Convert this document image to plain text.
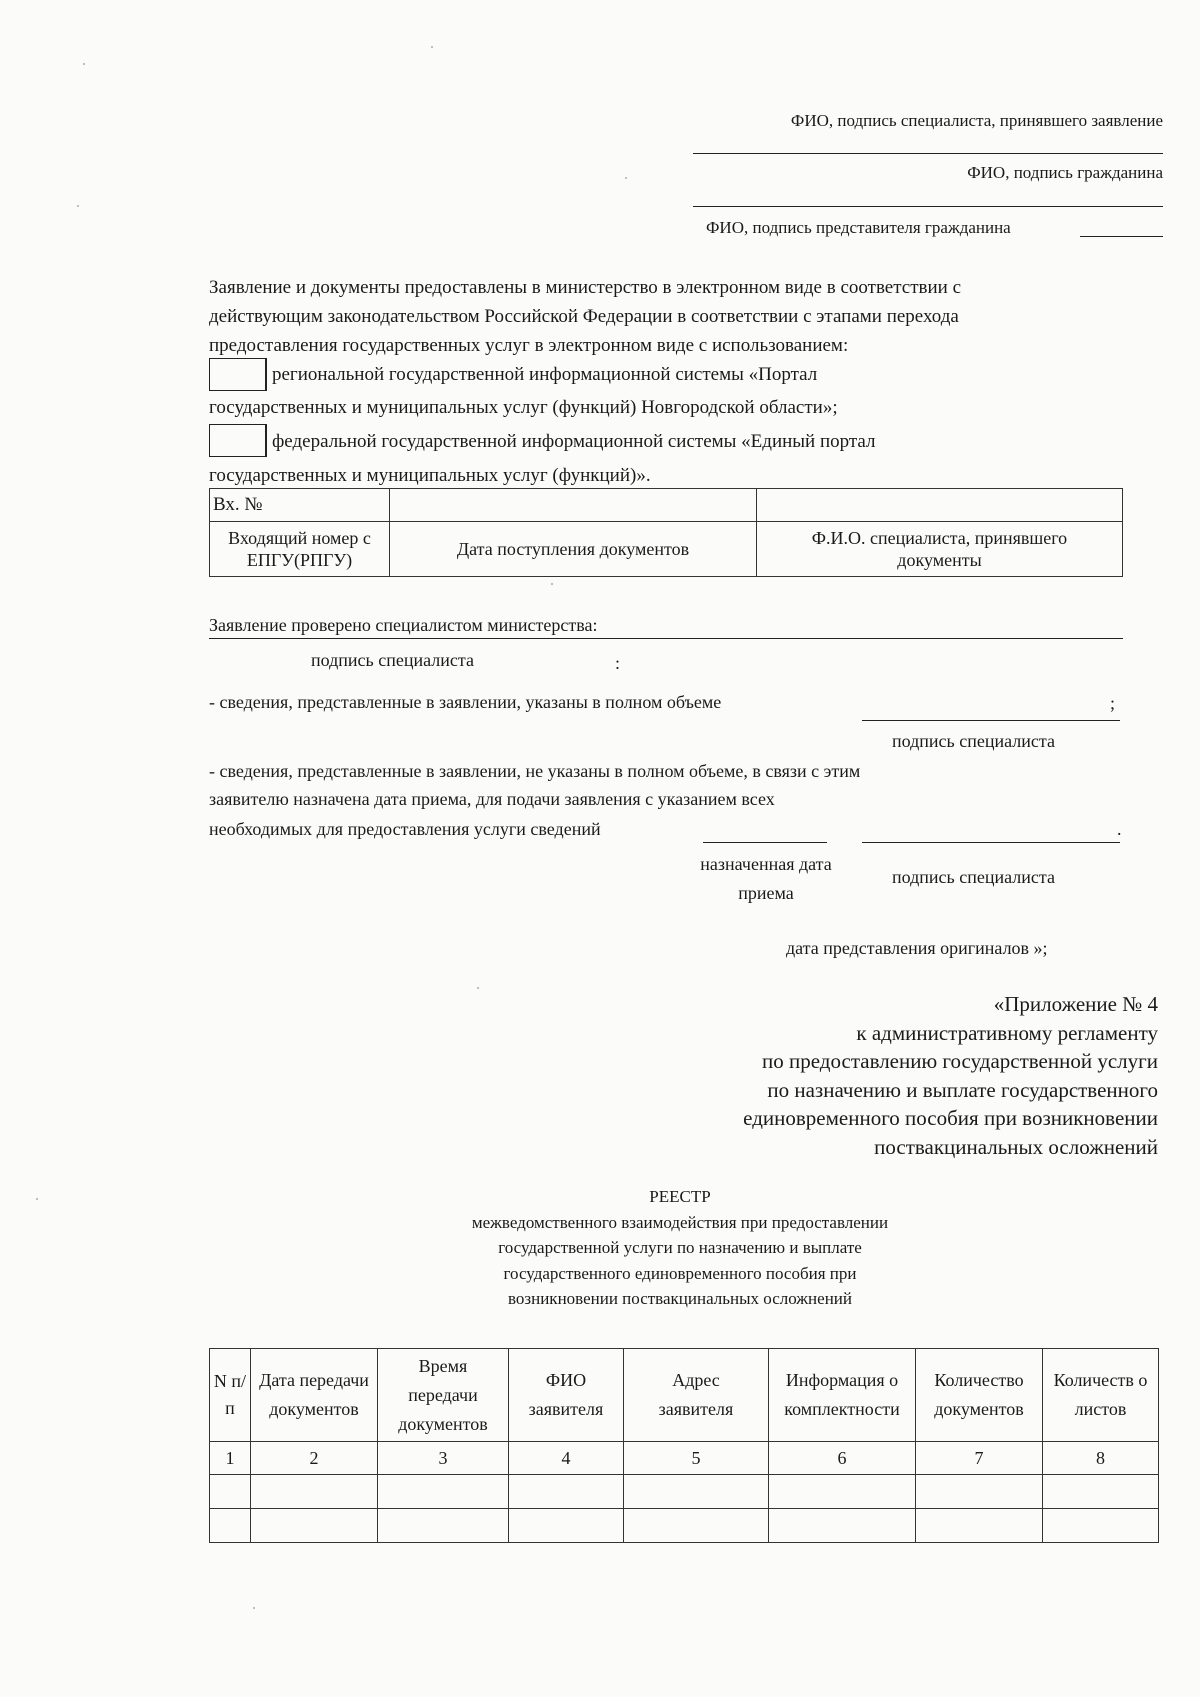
ФИО, подпись специалиста, принявшего заявление
ФИО, подпись гражданина
ФИО, подпись представителя гражданина
Заявление и документы предоставлены в министерство в электронном виде в соответствии с
действующим законодательством Российской Федерации в соответствии с этапами перехода
предоставления государственных услуг в электронном виде с использованием:
региональной государственной информационной системы «Портал
государственных и муниципальных услуг (функций) Новгородской области»;
федеральной государственной информационной системы «Единый портал
государственных и муниципальных услуг (функций)».
Вх. №		

Входящий номер с ЕПГУ(РПГУ)	Дата поступления документов	Ф.И.О. специалиста, принявшего документы
Заявление проверено специалистом министерства:
подпись специалиста	:
- сведения, представленные в заявлении, указаны в полном объеме	;
подпись специалиста
- сведения, представленные в заявлении, не указаны в полном объеме, в связи с этим
заявителю назначена дата приема, для подачи заявления с указанием всех
необходимых для предоставления услуги сведений	.
назначенная дата приема
подпись специалиста
дата представления оригиналов »;
«Приложение № 4
к административному регламенту
по предоставлению государственной услуги
по назначению и выплате государственного
единовременного пособия при возникновении
поствакцинальных осложнений
РЕЕСТР
межведомственного взаимодействия при предоставлении
государственной услуги по назначению и выплате
государственного единовременного пособия при
возникновении поствакцинальных осложнений
N п/п	Дата передачи документов	Время передачи документов	ФИО заявителя	Адрес заявителя	Информация о комплектности	Количество документов	Количеств о листов

1	2	3	4	5	6	7	8
